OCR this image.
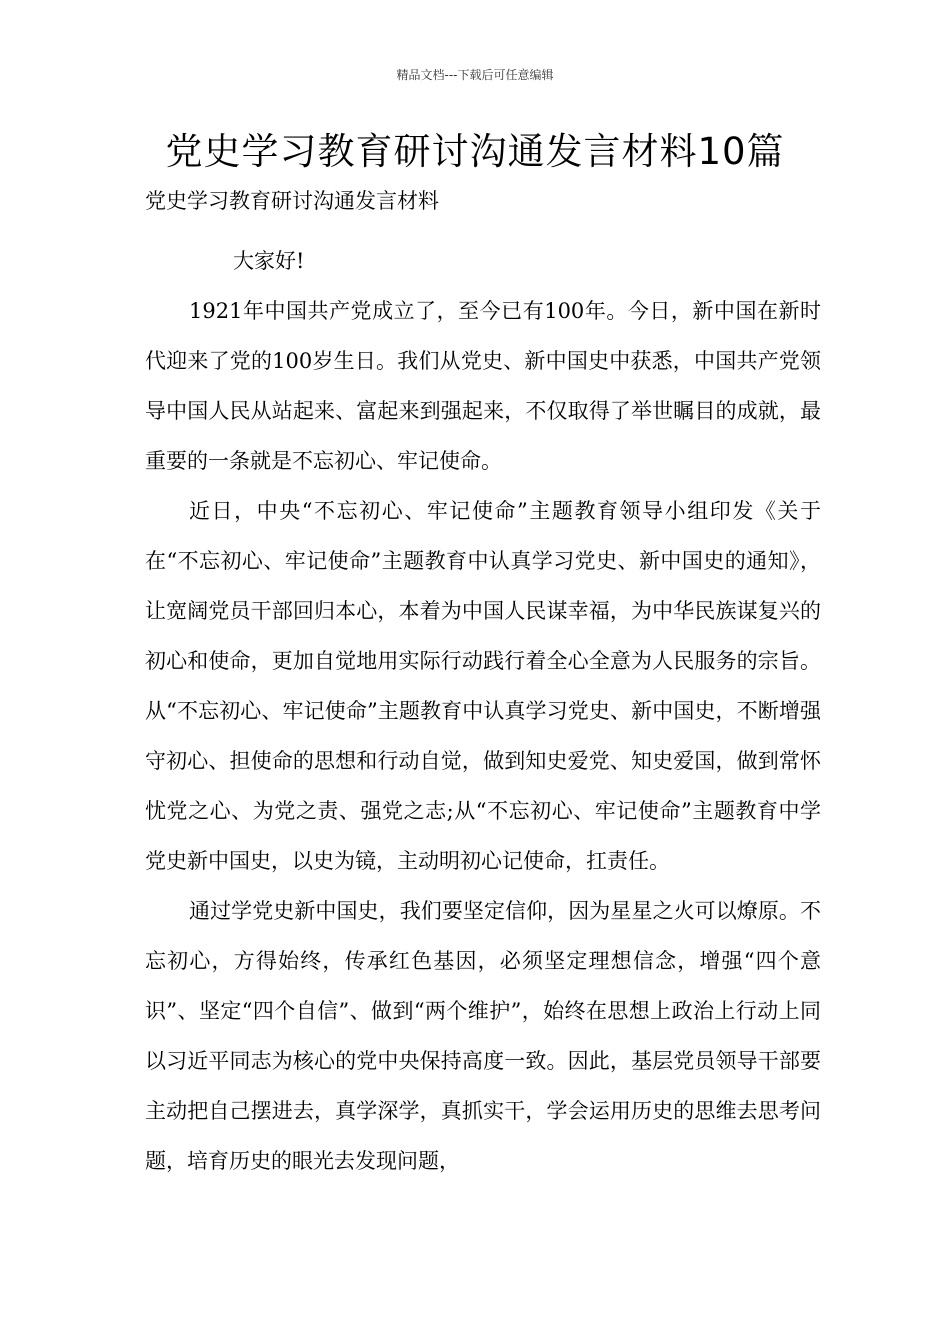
精品文档---下载后可任意编辑
党史学习教育研讨沟通发言材料10篇
党史学习教育研讨沟通发言材料

大家好!

1921年中国共产党成立了，至今已有100年。今日，新中国在新时代迎来了党的100岁生日。我们从党史、新中国史中获悉，中国共产党领导中国人民从站起来、富起来到强起来，不仅取得了举世瞩目的成就，最重要的一条就是不忘初心、牢记使命。

近日，中央“不忘初心、牢记使命”主题教育领导小组印发《关于在“不忘初心、牢记使命”主题教育中认真学习党史、新中国史的通知》，让宽阔党员干部回归本心，本着为中国人民谋幸福，为中华民族谋复兴的初心和使命，更加自觉地用实际行动践行着全心全意为人民服务的宗旨。从“不忘初心、牢记使命”主题教育中认真学习党史、新中国史，不断增强守初心、担使命的思想和行动自觉，做到知史爱党、知史爱国，做到常怀忧党之心、为党之责、强党之志;从“不忘初心、牢记使命”主题教育中学党史新中国史，以史为镜，主动明初心记使命，扛责任。

通过学党史新中国史，我们要坚定信仰，因为星星之火可以燎原。不忘初心，方得始终，传承红色基因，必须坚定理想信念，增强“四个意识”、坚定“四个自信”、做到“两个维护”，始终在思想上政治上行动上同以习近平同志为核心的党中央保持高度一致。因此，基层党员领导干部要主动把自己摆进去，真学深学，真抓实干，学会运用历史的思维去思考问题，培育历史的眼光去发现问题，
